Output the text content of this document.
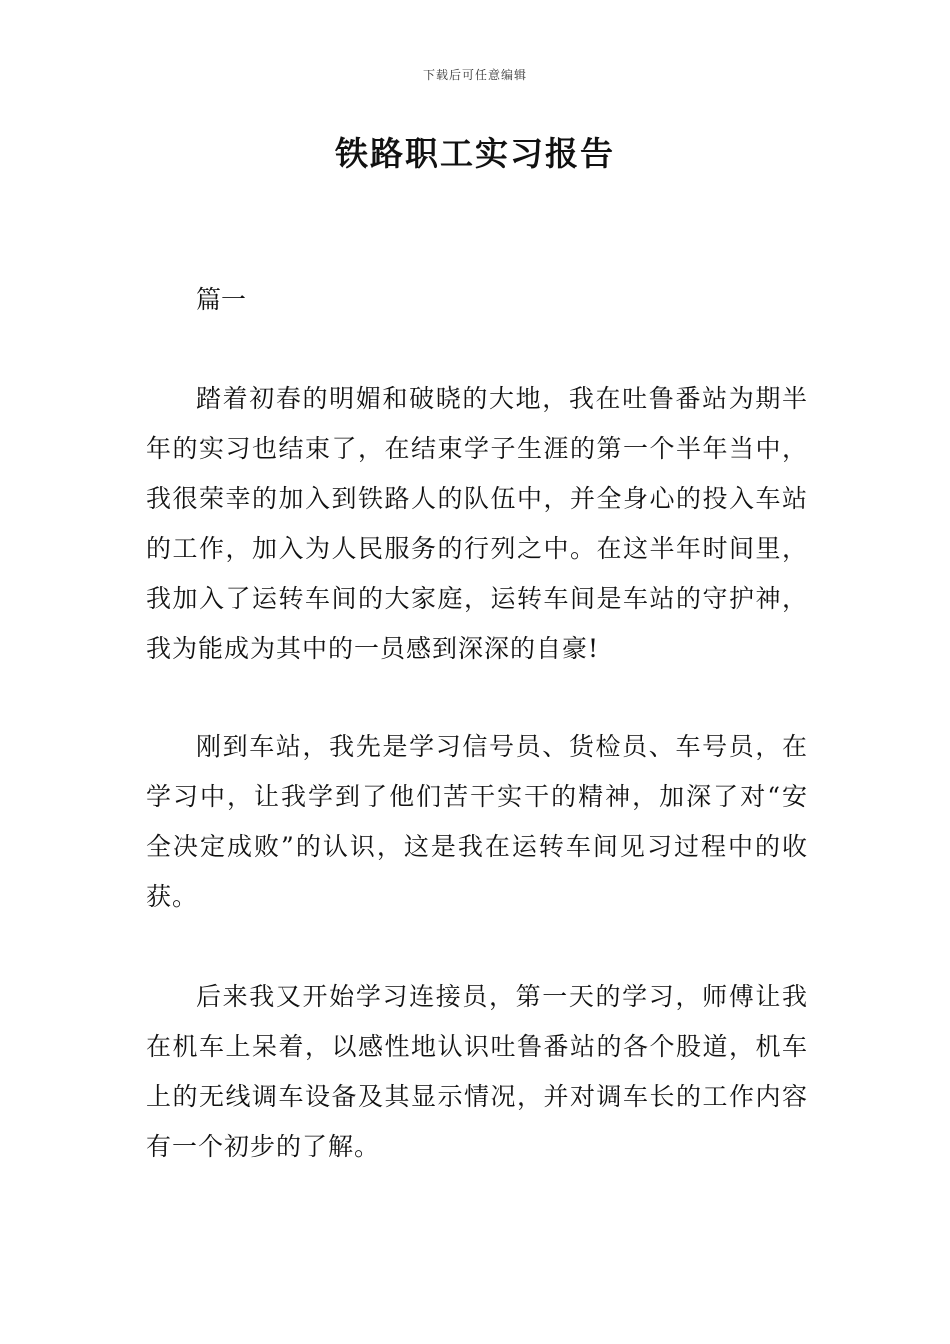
下载后可任意编辑
铁路职工实习报告
篇一

踏着初春的明媚和破晓的大地，我在吐鲁番站为期半年的实习也结束了，在结束学子生涯的第一个半年当中，我很荣幸的加入到铁路人的队伍中，并全身心的投入车站的工作，加入为人民服务的行列之中。在这半年时间里，我加入了运转车间的大家庭，运转车间是车站的守护神，我为能成为其中的一员感到深深的自豪!

刚到车站，我先是学习信号员、货检员、车号员，在学习中，让我学到了他们苦干实干的精神，加深了对“安全决定成败”的认识，这是我在运转车间见习过程中的收获。

后来我又开始学习连接员，第一天的学习，师傅让我在机车上呆着，以感性地认识吐鲁番站的各个股道，机车上的无线调车设备及其显示情况，并对调车长的工作内容有一个初步的了解。
